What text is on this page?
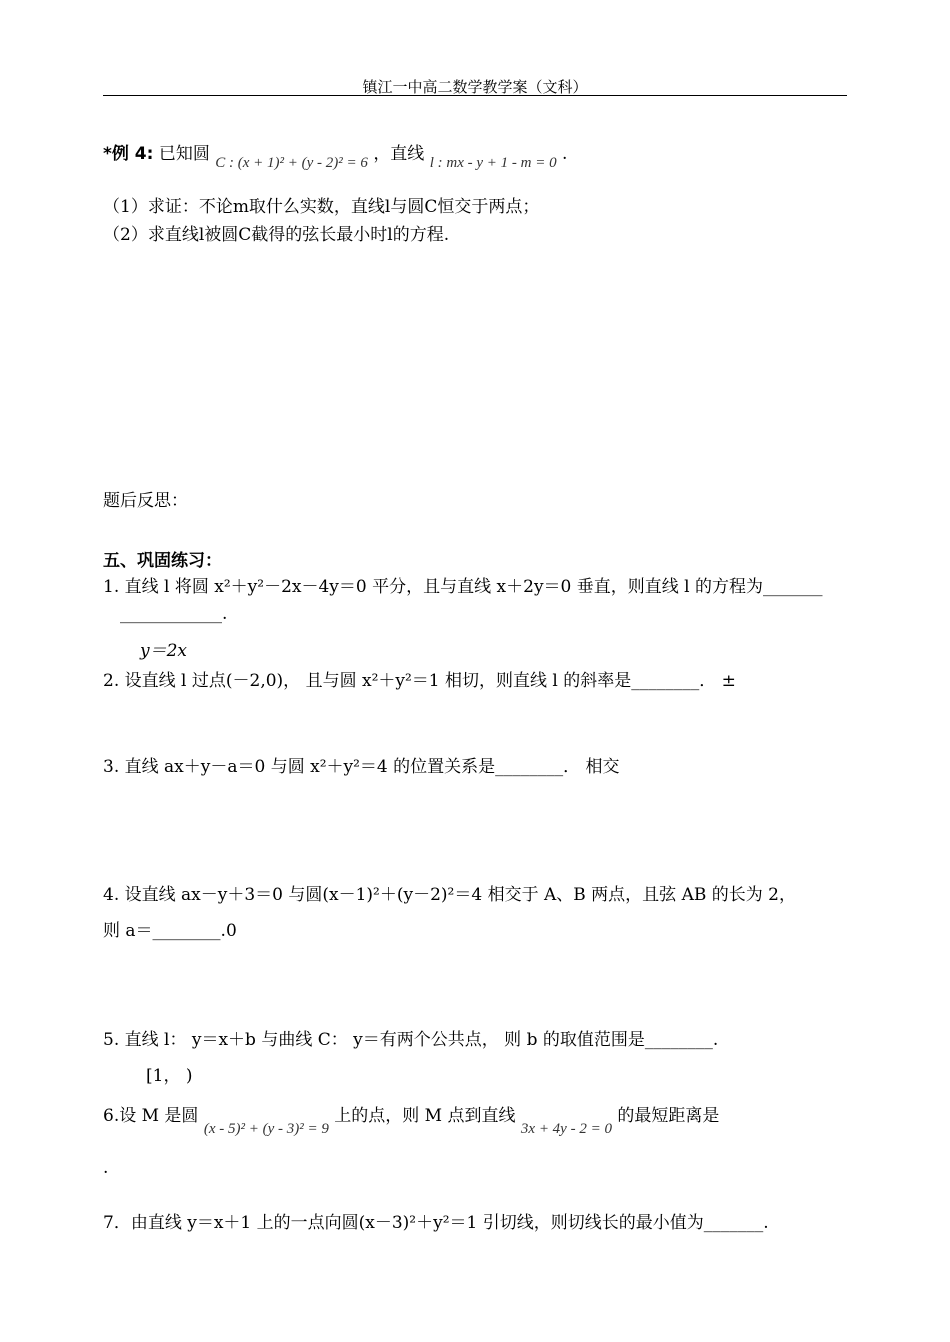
镇江一中高二数学教学案（文科）
*例 4: 已知圆 C : (x + 1)² + (y - 2)² = 6 ，直线 l : mx - y + 1 - m = 0 .
（1）求证：不论m取什么实数，直线l与圆C恒交于两点；
（2）求直线l被圆C截得的弦长最小时l的方程.
题后反思：
五、巩固练习：
1. 直线 l 将圆 x²＋y²－2x－4y＝0 平分，且与直线 x＋2y＝0 垂直，则直线 l 的方程为_______
____________.
y＝2x
2. 设直线 l 过点(－2,0)， 且与圆 x²＋y²＝1 相切，则直线 l 的斜率是________． ±
3. 直线 ax＋y－a＝0 与圆 x²＋y²＝4 的位置关系是________． 相交
4. 设直线 ax－y＋3＝0 与圆(x－1)²＋(y－2)²＝4 相交于 A、B 两点，且弦 AB 的长为 2，
则 a＝________.0
5. 直线 l： y＝x＋b 与曲线 C： y＝有两个公共点， 则 b 的取值范围是________.
[1， )
6.设 M 是圆 (x - 5)² + (y - 3)² = 9 上的点，则 M 点到直线 3x + 4y - 2 = 0 的最短距离是
.
7．由直线 y＝x＋1 上的一点向圆(x－3)²＋y²＝1 引切线，则切线长的最小值为_______.
